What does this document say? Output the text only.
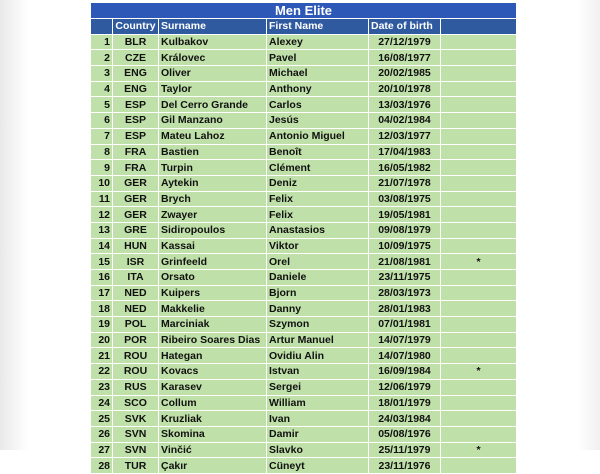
Men Elite					
	Country	Surname	First Name	Date of birth	
1	BLR	Kulbakov	Alexey	27/12/1979	
2	CZE	Královec	Pavel	16/08/1977	
3	ENG	Oliver	Michael	20/02/1985	
4	ENG	Taylor	Anthony	20/10/1978	
5	ESP	Del Cerro Grande	Carlos	13/03/1976	
6	ESP	Gil Manzano	Jesús	04/02/1984	
7	ESP	Mateu Lahoz	Antonio Miguel	12/03/1977	
8	FRA	Bastien	Benoît	17/04/1983	
9	FRA	Turpin	Clément	16/05/1982	
10	GER	Aytekin	Deniz	21/07/1978	
11	GER	Brych	Felix	03/08/1975	
12	GER	Zwayer	Felix	19/05/1981	
13	GRE	Sidiropoulos	Anastasios	09/08/1979	
14	HUN	Kassai	Viktor	10/09/1975	
15	ISR	Grinfeeld	Orel	21/08/1981	*
16	ITA	Orsato	Daniele	23/11/1975	
17	NED	Kuipers	Bjorn	28/03/1973	
18	NED	Makkelie	Danny	28/01/1983	
19	POL	Marciniak	Szymon	07/01/1981	
20	POR	Ribeiro Soares Dias	Artur Manuel	14/07/1979	
21	ROU	Hategan	Ovidiu Alin	14/07/1980	
22	ROU	Kovacs	Istvan	16/09/1984	*
23	RUS	Karasev	Sergei	12/06/1979	
24	SCO	Collum	William	18/01/1979	
25	SVK	Kruzliak	Ivan	24/03/1984	
26	SVN	Skomina	Damir	05/08/1976	
27	SVN	Vinčić	Slavko	25/11/1979	*
28	TUR	Çakır	Cüneyt	23/11/1976	
